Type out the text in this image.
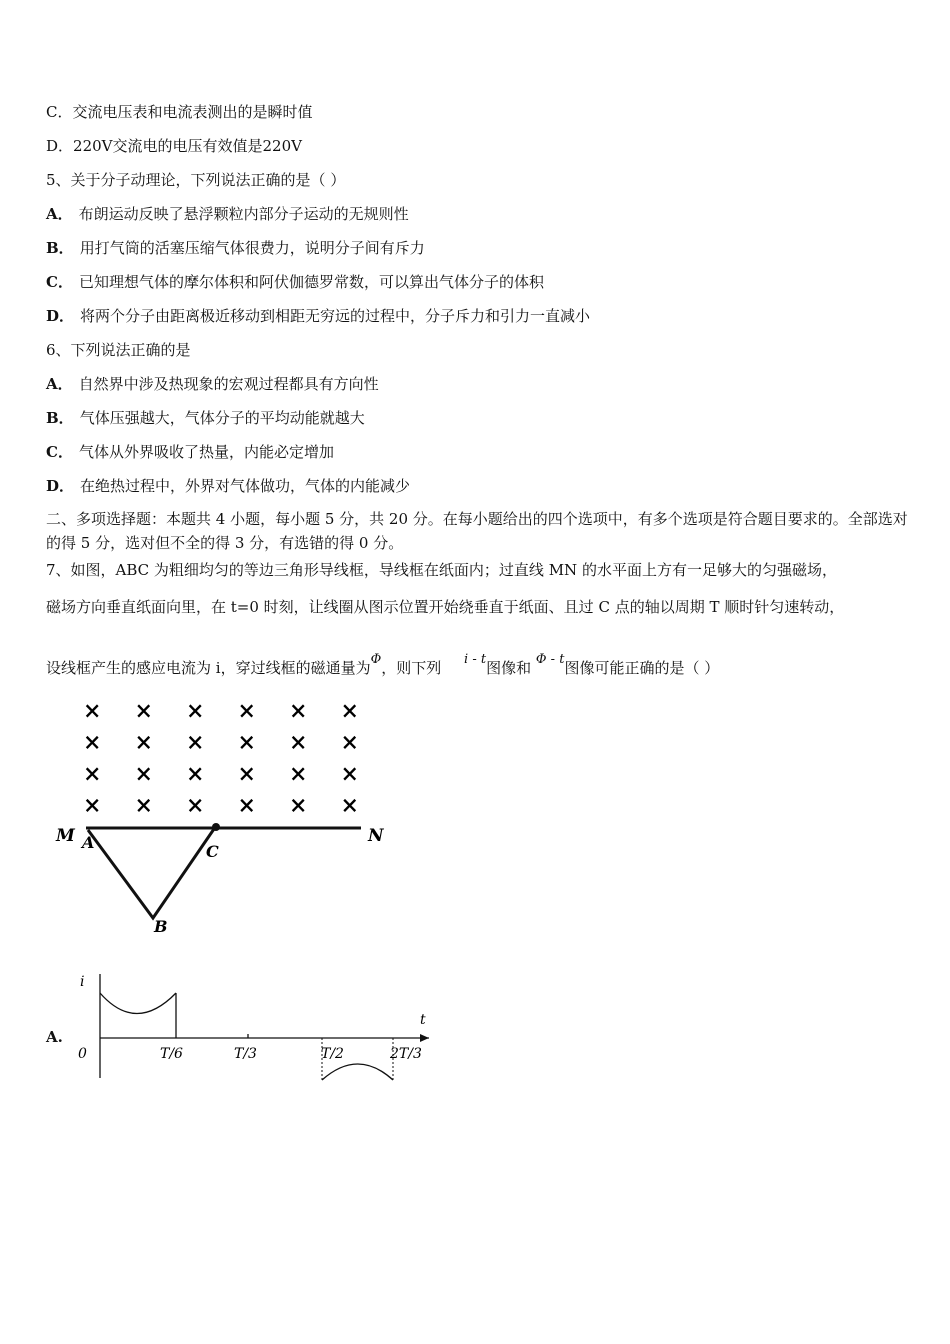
C．交流电压表和电流表测出的是瞬时值
D．220V交流电的电压有效值是220V
5、关于分子动理论，下列说法正确的是（ ）
A． 布朗运动反映了悬浮颗粒内部分子运动的无规则性
B． 用打气筒的活塞压缩气体很费力，说明分子间有斥力
C． 已知理想气体的摩尔体积和阿伏伽德罗常数，可以算出气体分子的体积
D． 将两个分子由距离极近移动到相距无穷远的过程中，分子斥力和引力一直减小
6、下列说法正确的是
A． 自然界中涉及热现象的宏观过程都具有方向性
B． 气体压强越大，气体分子的平均动能就越大
C． 气体从外界吸收了热量，内能必定增加
D． 在绝热过程中，外界对气体做功，气体的内能减少
二、多项选择题：本题共 4 小题，每小题 5 分，共 20 分。在每小题给出的四个选项中，有多个选项是符合题目要求的。全部选对的得 5 分，选对但不全的得 3 分，有选错的得 0 分。
7、如图，ABC 为粗细均匀的等边三角形导线框，导线框在纸面内；过直线 MN 的水平面上方有一足够大的匀强磁场，
磁场方向垂直纸面向里，在 t=0 时刻，让线圈从图示位置开始绕垂直于纸面、且过 C 点的轴以周期 T 顺时针匀速转动，
设线框产生的感应电流为 i，穿过线框的磁通量为Φ，则下列 i - t图像和 Φ - t图像可能正确的是（ ）
× × × × × ×
× × × × × ×
× × × × × ×
× × × × × ×
M A	C
B
N
A.
i
t
0	T/6	T/3	T/2	2T/3
